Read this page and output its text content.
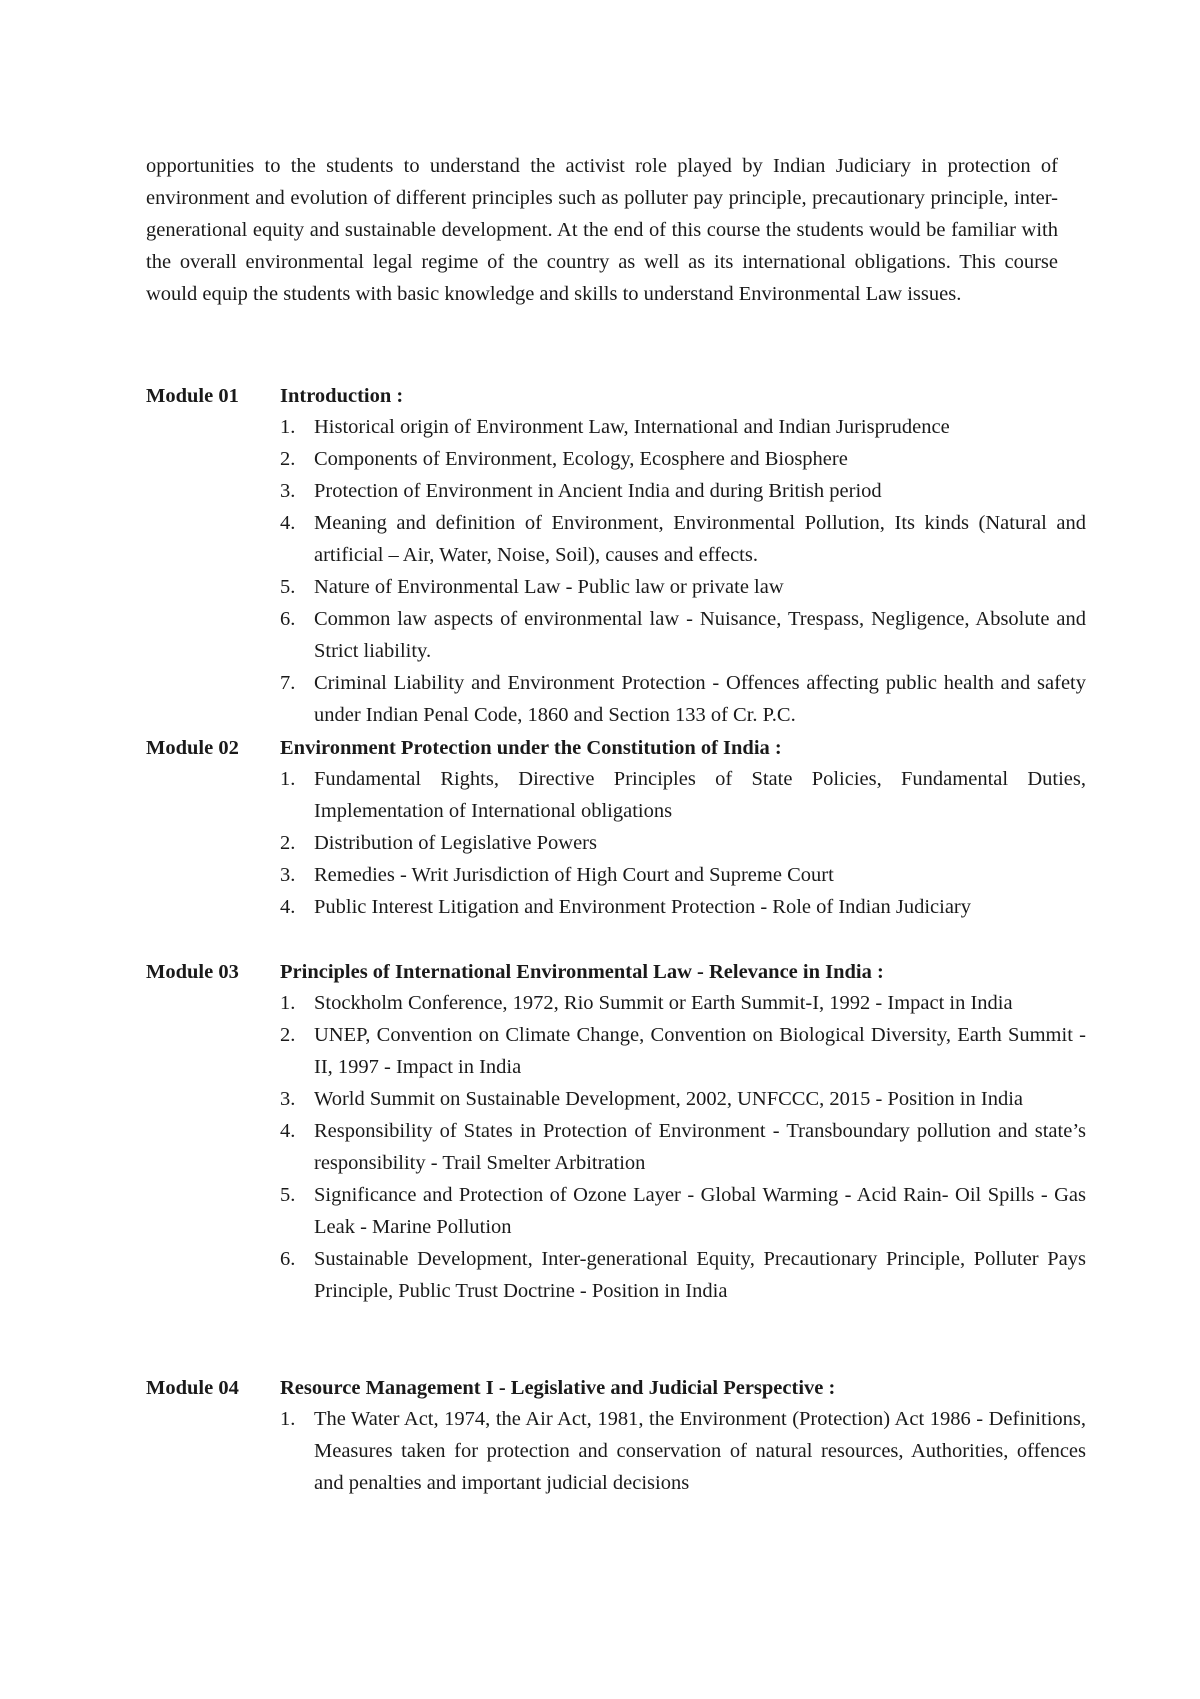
opportunities to the students to understand the activist role played by Indian Judiciary in protection of environment and evolution of different principles such as polluter pay principle, precautionary principle, inter-generational equity and sustainable development. At the end of this course the students would be familiar with the overall environmental legal regime of the country as well as its international obligations. This course would equip the students with basic knowledge and skills to understand Environmental Law issues.

Module 01	Introduction :
1. Historical origin of Environment Law, International and Indian Jurisprudence
2. Components of Environment, Ecology, Ecosphere and Biosphere
3. Protection of Environment in Ancient India and during British period
4. Meaning and definition of Environment, Environmental Pollution, Its kinds (Natural and artificial – Air, Water, Noise, Soil), causes and effects.
5. Nature of Environmental Law - Public law or private law
6. Common law aspects of environmental law - Nuisance, Trespass, Negligence, Absolute and Strict liability.
7. Criminal Liability and Environment Protection - Offences affecting public health and safety under Indian Penal Code, 1860 and Section 133 of Cr. P.C.
Module 02	Environment Protection under the Constitution of India :
1. Fundamental Rights, Directive Principles of State Policies, Fundamental Duties, Implementation of International obligations
2. Distribution of Legislative Powers
3. Remedies - Writ Jurisdiction of High Court and Supreme Court
4. Public Interest Litigation and Environment Protection - Role of Indian Judiciary
Module 03	Principles of International Environmental Law - Relevance in India :
1. Stockholm Conference, 1972, Rio Summit or Earth Summit-I, 1992 - Impact in India
2. UNEP, Convention on Climate Change, Convention on Biological Diversity, Earth Summit - II, 1997 - Impact in India
3. World Summit on Sustainable Development, 2002, UNFCCC, 2015 - Position in India
4. Responsibility of States in Protection of Environment - Transboundary pollution and state’s responsibility - Trail Smelter Arbitration
5. Significance and Protection of Ozone Layer - Global Warming - Acid Rain- Oil Spills - Gas Leak - Marine Pollution
6. Sustainable Development, Inter-generational Equity, Precautionary Principle, Polluter Pays Principle, Public Trust Doctrine - Position in India
Module 04	Resource Management I - Legislative and Judicial Perspective :
1. The Water Act, 1974, the Air Act, 1981, the Environment (Protection) Act 1986 - Definitions, Measures taken for protection and conservation of natural resources, Authorities, offences and penalties and important judicial decisions
